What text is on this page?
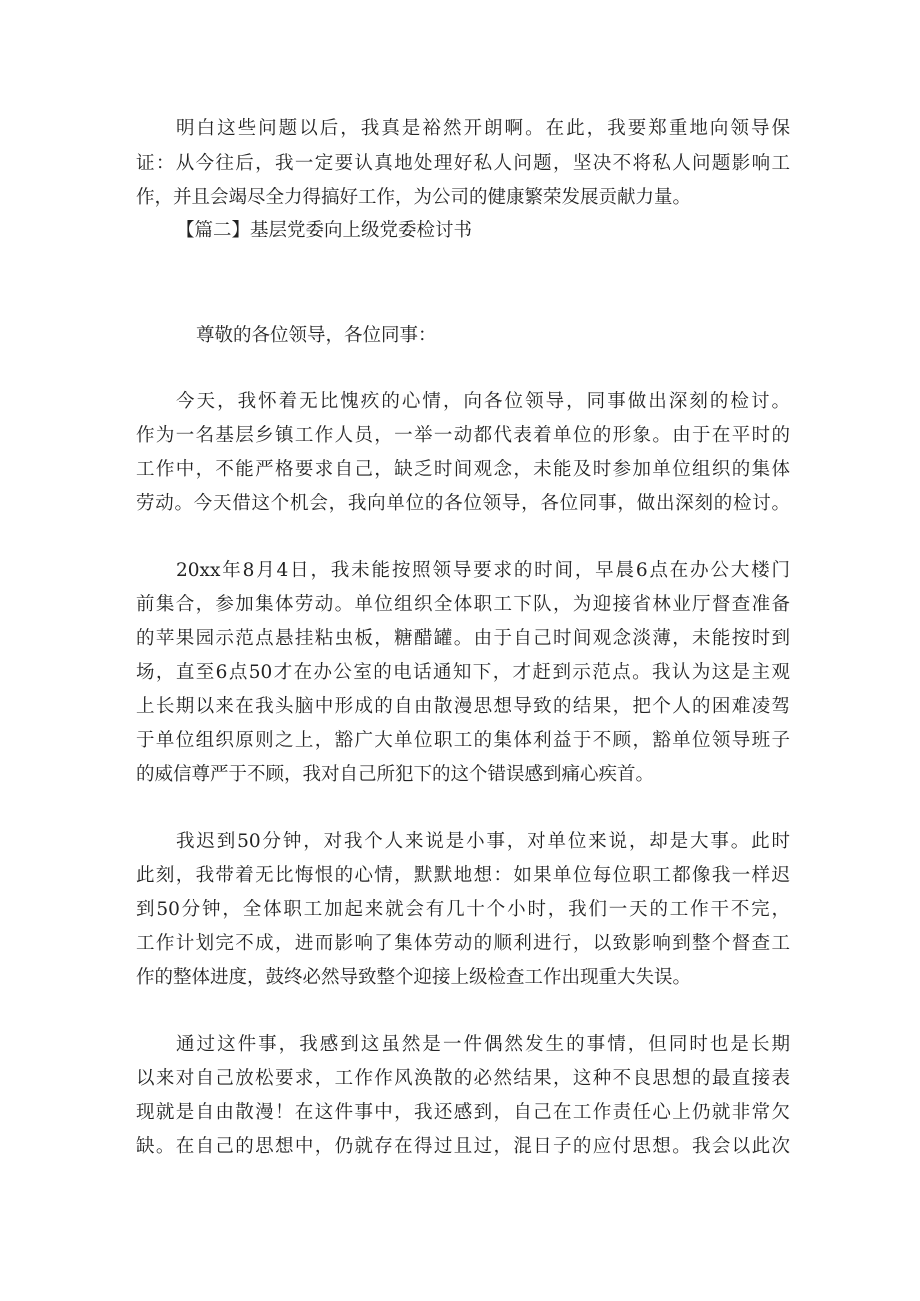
明白这些问题以后，我真是裕然开朗啊。在此，我要郑重地向领导保
证：从今往后，我一定要认真地处理好私人问题，坚决不将私人问题影响工
作，并且会竭尽全力得搞好工作，为公司的健康繁荣发展贡献力量。
【篇二】基层党委向上级党委检讨书
尊敬的各位领导，各位同事：
今天，我怀着无比愧疚的心情，向各位领导，同事做出深刻的检讨。
作为一名基层乡镇工作人员，一举一动都代表着单位的形象。由于在平时的
工作中，不能严格要求自己，缺乏时间观念，未能及时参加单位组织的集体
劳动。今天借这个机会，我向单位的各位领导，各位同事，做出深刻的检讨。
20xx年8月4日，我未能按照领导要求的时间，早晨6点在办公大楼门
前集合，参加集体劳动。单位组织全体职工下队，为迎接省林业厅督查准备
的苹果园示范点悬挂粘虫板，糖醋罐。由于自己时间观念淡薄，未能按时到
场，直至6点50才在办公室的电话通知下，才赶到示范点。我认为这是主观
上长期以来在我头脑中形成的自由散漫思想导致的结果，把个人的困难凌驾
于单位组织原则之上，豁广大单位职工的集体利益于不顾，豁单位领导班子
的威信尊严于不顾，我对自己所犯下的这个错误感到痛心疾首。
我迟到50分钟，对我个人来说是小事，对单位来说，却是大事。此时
此刻，我带着无比悔恨的心情，默默地想：如果单位每位职工都像我一样迟
到50分钟，全体职工加起来就会有几十个小时，我们一天的工作干不完，
工作计划完不成，进而影响了集体劳动的顺利进行，以致影响到整个督查工
作的整体进度，鼓终必然导致整个迎接上级检查工作出现重大失误。
通过这件事，我感到这虽然是一件偶然发生的事情，但同时也是长期
以来对自己放松要求，工作作风涣散的必然结果，这种不良思想的最直接表
现就是自由散漫！在这件事中，我还感到，自己在工作责任心上仍就非常欠
缺。在自己的思想中，仍就存在得过且过，混日子的应付思想。我会以此次
